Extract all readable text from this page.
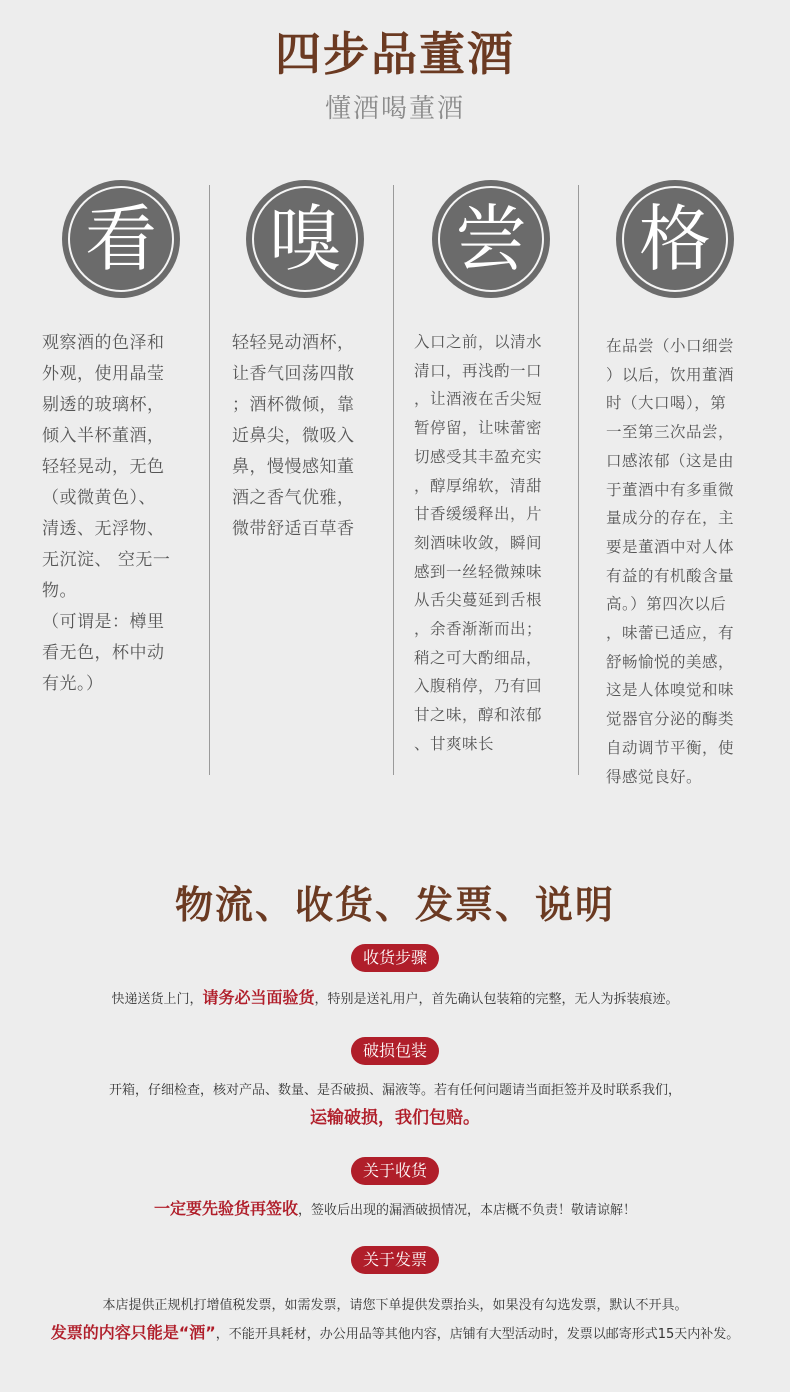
四步品董酒
懂酒喝董酒
看
观察酒的色泽和
外观，使用晶莹
剔透的玻璃杯，
倾入半杯董酒，
轻轻晃动，无色
（或微黄色）、
清透、无浮物、
无沉淀、 空无一
物。
（可谓是：樽里
看无色，杯中动
有光。）
嗅
轻轻晃动酒杯，
让香气回荡四散
；酒杯微倾，靠
近鼻尖，微吸入
鼻，慢慢感知董
酒之香气优雅，
微带舒适百草香
尝
入口之前，以清水
清口，再浅酌一口
，让酒液在舌尖短
暂停留，让味蕾密
切感受其丰盈充实
，醇厚绵软，清甜
甘香缓缓释出，片
刻酒味收敛，瞬间
感到一丝轻微辣味
从舌尖蔓延到舌根
，余香渐渐而出；
稍之可大酌细品，
入腹稍停，乃有回
甘之味，醇和浓郁
、甘爽味长
格
在品尝（小口细尝
）以后，饮用董酒
时（大口喝），第
一至第三次品尝，
口感浓郁（这是由
于董酒中有多重微
量成分的存在，主
要是董酒中对人体
有益的有机酸含量
高。）第四次以后
，味蕾已适应，有
舒畅愉悦的美感，
这是人体嗅觉和味
觉器官分泌的酶类
自动调节平衡，使
得感觉良好。
物流、收货、发票、说明
收货步骤
快递送货上门，请务必当面验货，特别是送礼用户，首先确认包装箱的完整，无人为拆装痕迹。
破损包装
开箱，仔细检查，核对产品、数量、是否破损、漏液等。若有任何问题请当面拒签并及时联系我们，
运输破损，我们包赔。
关于收货
一定要先验货再签收，签收后出现的漏酒破损情况，本店概不负责！敬请谅解！
关于发票
本店提供正规机打增值税发票，如需发票，请您下单提供发票抬头，如果没有勾选发票，默认不开具。
发票的内容只能是“酒”，不能开具耗材，办公用品等其他内容，店铺有大型活动时，发票以邮寄形式15天内补发。
